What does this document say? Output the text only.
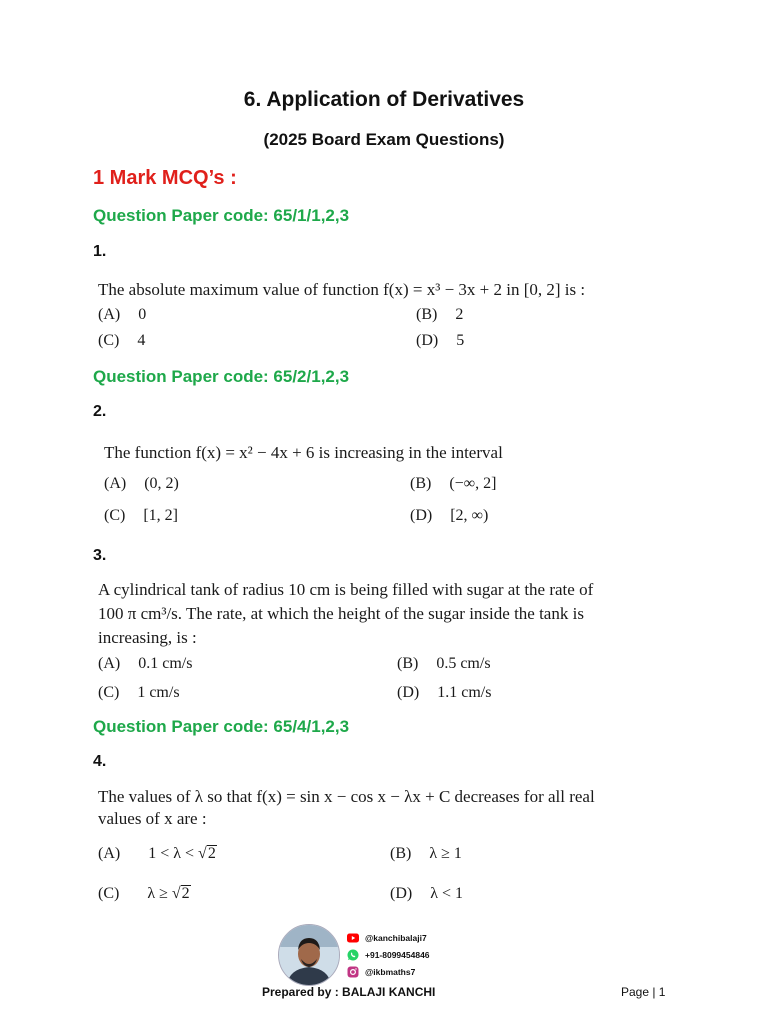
6. Application of Derivatives
(2025 Board Exam Questions)
1 Mark MCQ’s :
Question Paper code: 65/1/1,2,3
1.
The absolute maximum value of function f(x) = x³ − 3x + 2 in [0, 2] is :
(A) 0	(B) 2
(C) 4	(D) 5
Question Paper code: 65/2/1,2,3
2.
The function f(x) = x² − 4x + 6 is increasing in the interval
(A) (0, 2)	(B) (−∞, 2]
(C) [1, 2]	(D) [2, ∞)
3.
A cylindrical tank of radius 10 cm is being filled with sugar at the rate of
100 π cm³/s. The rate, at which the height of the sugar inside the tank is
increasing, is :
(A) 0.1 cm/s	(B) 0.5 cm/s
(C) 1 cm/s	(D) 1.1 cm/s
Question Paper code: 65/4/1,2,3
4.
The values of λ so that f(x) = sin x − cos x − λx + C decreases for all real
values of x are :
(A) 1 < λ < √2	(B) λ ≥ 1
(C) λ ≥ √2	(D) λ < 1
@kanchibalaji7
+91-8099454846
@ikbmaths7
Prepared by : BALAJI KANCHI	Page | 1
